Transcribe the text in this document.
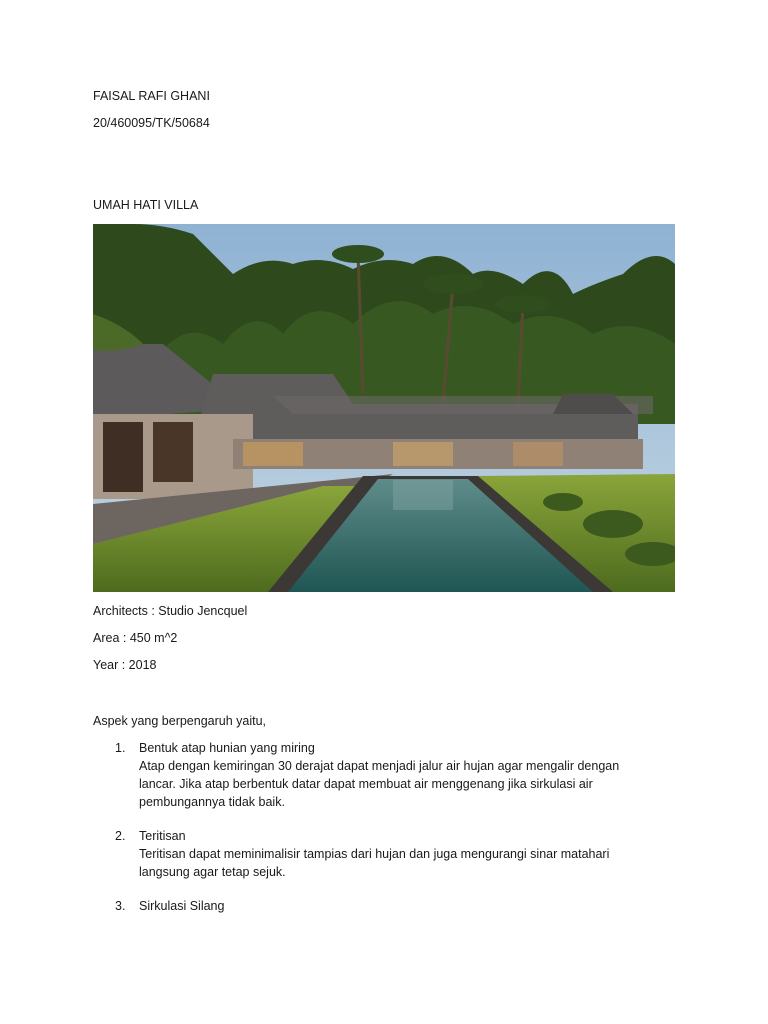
FAISAL RAFI GHANI
20/460095/TK/50684
UMAH HATI VILLA
Architects : Studio Jencquel
Area : 450 m^2
Year : 2018
Aspek yang berpengaruh yaitu,
1. Bentuk atap hunian yang miring
Atap dengan kemiringan 30 derajat dapat menjadi jalur air hujan agar mengalir dengan lancar. Jika atap berbentuk datar dapat membuat air menggenang jika sirkulasi air pembungannya tidak baik.
2. Teritisan
Teritisan dapat meminimalisir tampias dari hujan dan juga mengurangi sinar matahari langsung agar tetap sejuk.
3. Sirkulasi Silang
